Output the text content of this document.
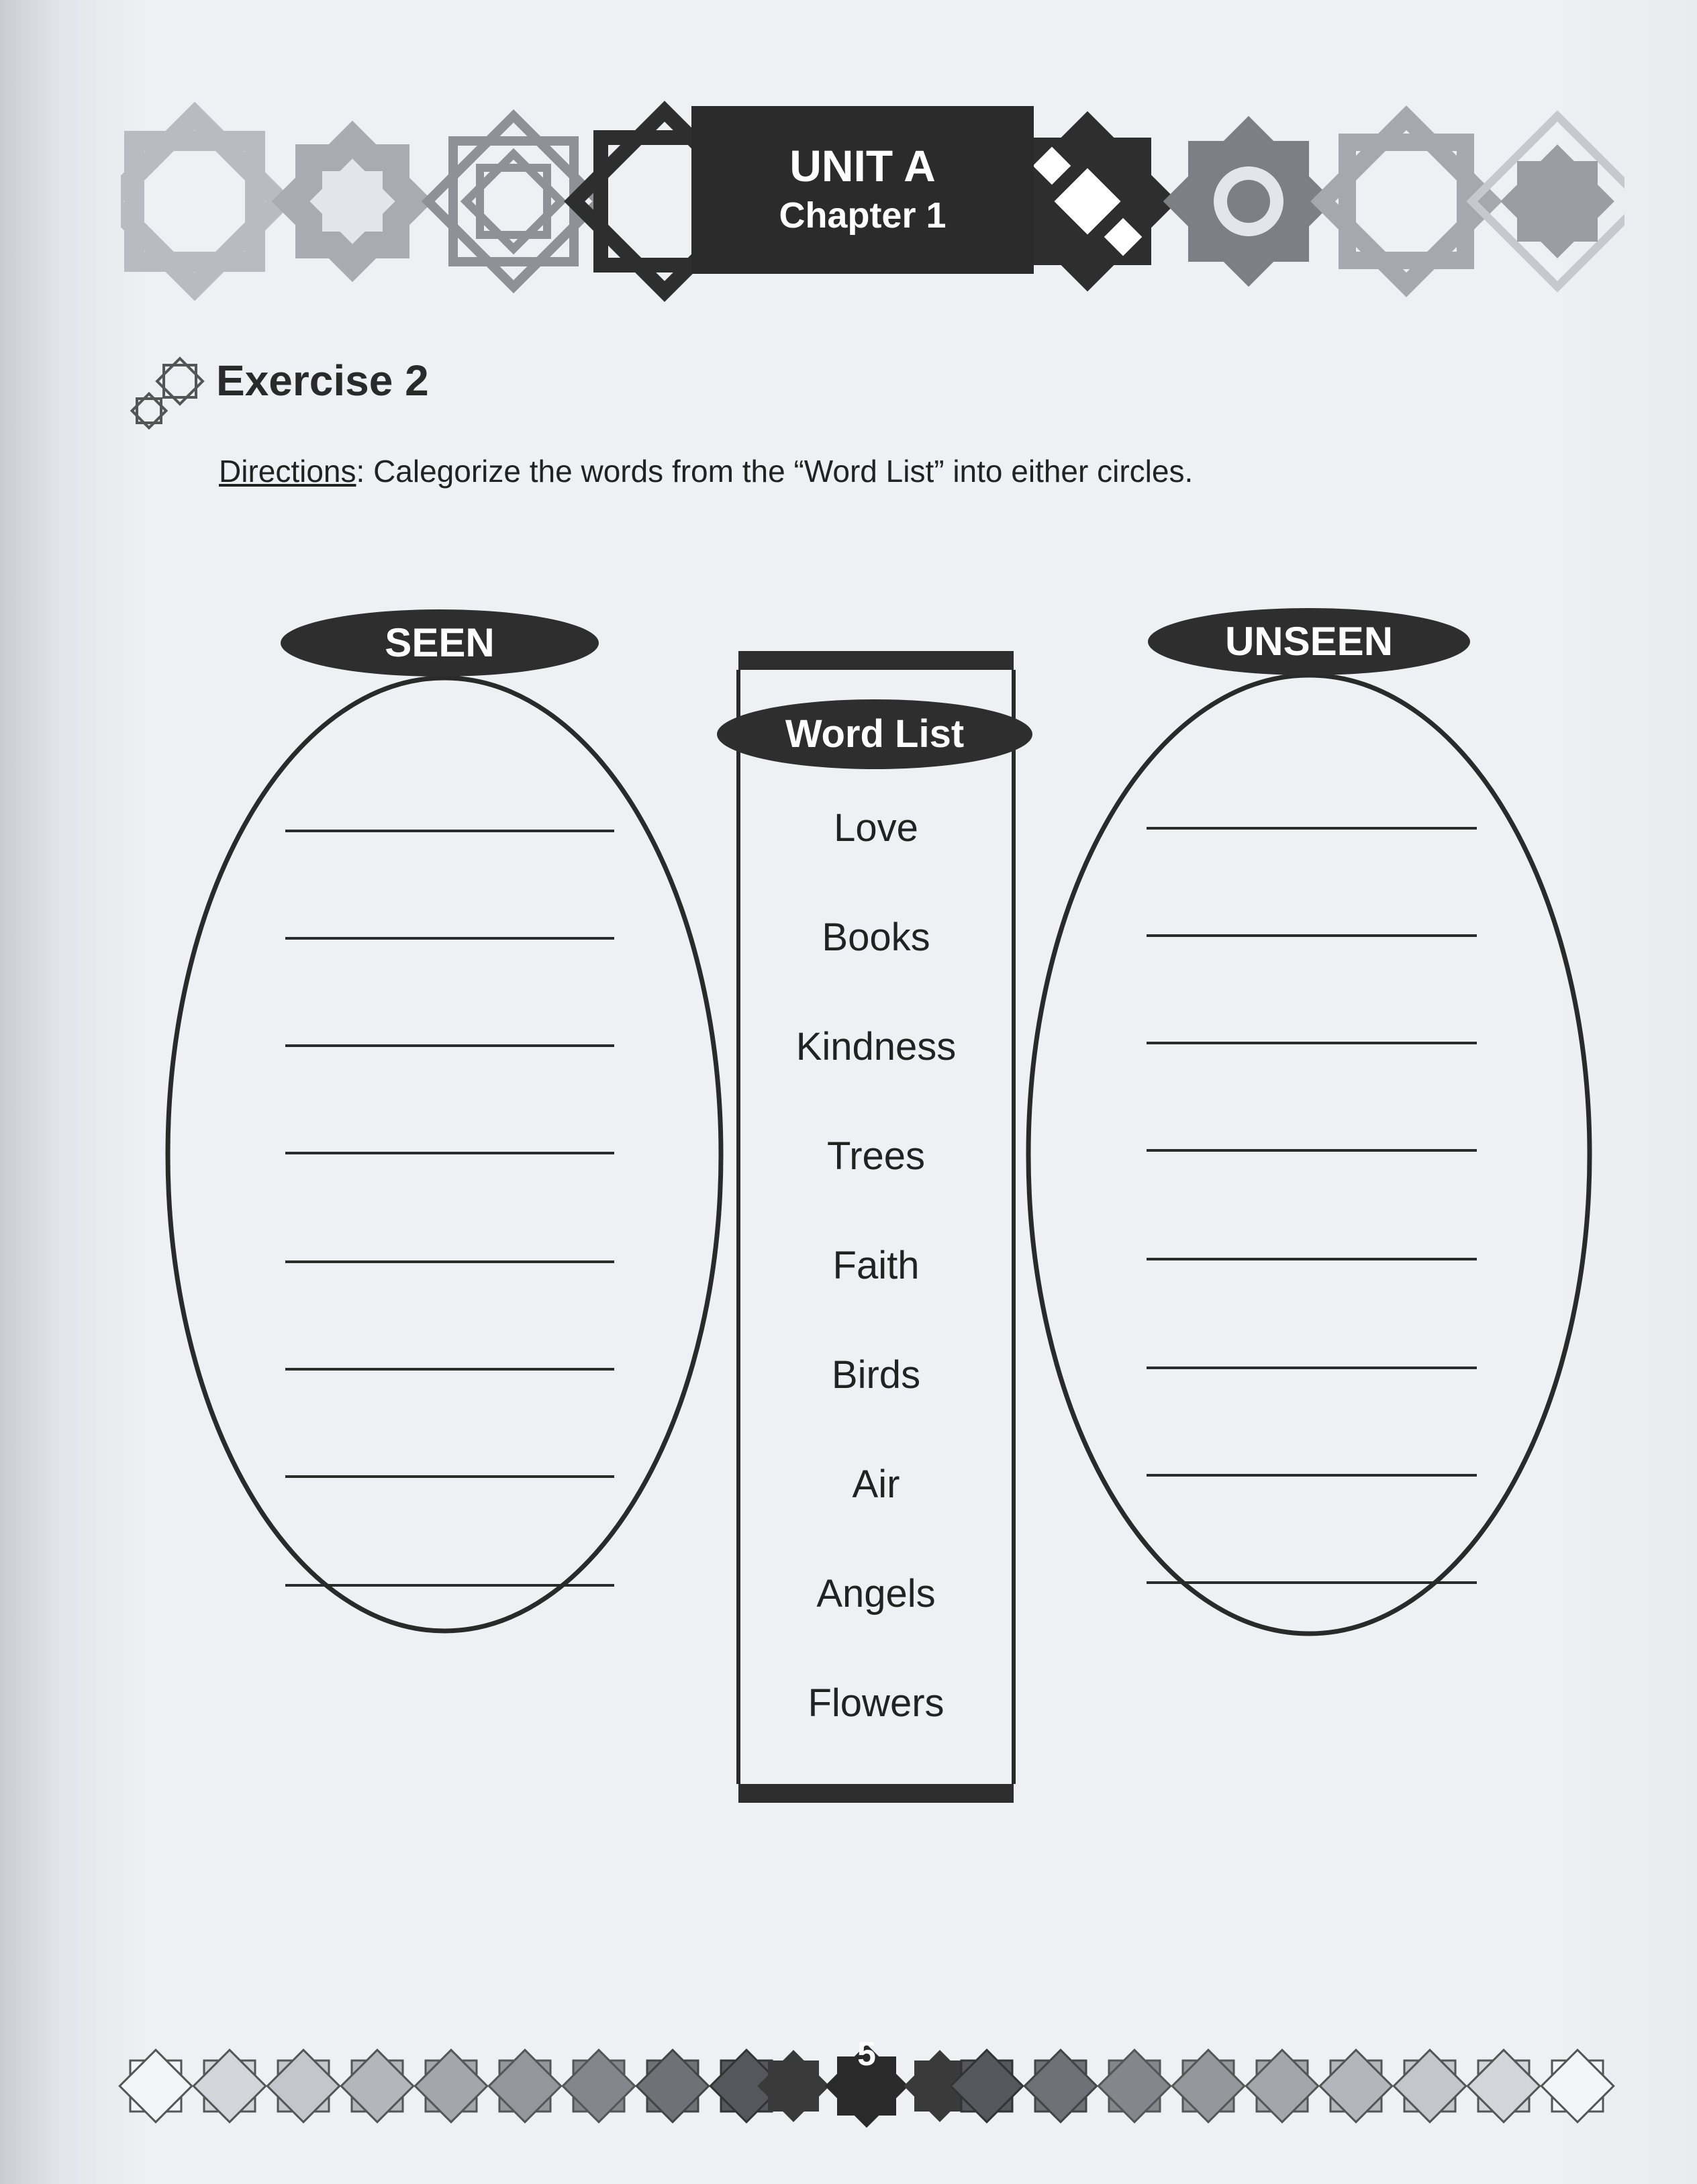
UNIT A
Chapter 1
Exercise 2
Directions: Calegorize the words from the “Word List” into either circles.
SEEN	UNSEEN
Word List
Love
Books
Kindness
Trees
Faith
Birds
Air
Angels
Flowers
5
